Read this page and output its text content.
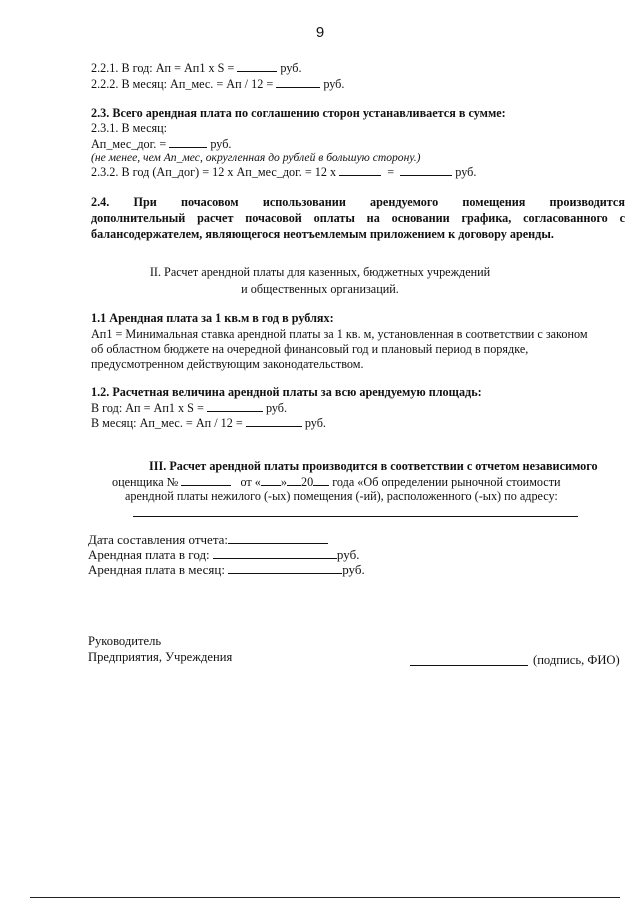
9
2.2.1. В год: Ап = Ап1 x S =	руб.
2.2.2. В месяц: Ап_мес. = Ап / 12 =	руб.
2.3. Всего арендная плата по соглашению сторон устанавливается в сумме:
2.3.1. В месяц:
Ап_мес_дог. =	руб.
(не менее, чем Ап_мес, округленная до рублей в большую сторону.)
2.3.2. В год (Ап_дог) = 12 x Ап_мес_дог. = 12 x	=	руб.
2.4. При почасовом использовании арендуемого помещения производится
дополнительный расчет почасовой оплаты на основании графика, согласованного с
балансодержателем, являющегося неотъемлемым приложением к договору аренды.
II. Расчет арендной платы для казенных, бюджетных учреждений
и общественных организаций.
1.1 Арендная плата за 1 кв.м в год в рублях:
Ап1 = Минимальная ставка арендной платы за 1 кв. м, установленная в соответствии с законом
об областном бюджете на очередной финансовый год и плановый период в порядке,
предусмотренном действующим законодательством.
1.2. Расчетная величина арендной платы за всю арендуемую площадь:
В год: Ап = Ап1 x S =	руб.
В месяц: Ап_мес. = Ап / 12 =	руб.
III. Расчет арендной платы производится в соответствии с отчетом независимого
оценщика №	от « » 20 года «Об определении рыночной стоимости
арендной платы нежилого (-ых) помещения (-ий), расположенного (-ых) по адресу:
Дата составления отчета:
Арендная плата в год:	руб.
Арендная плата в месяц:	руб.
Руководитель
Предприятия, Учреждения	(подпись, ФИО)
